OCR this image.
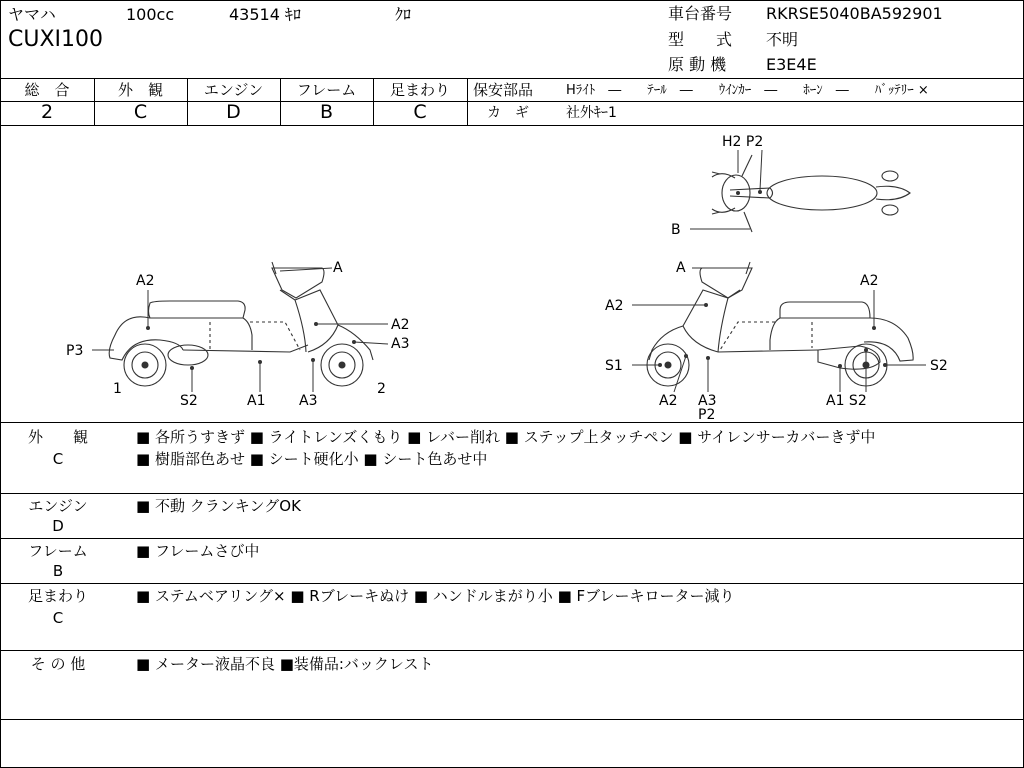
ヤマハ	100cc	43514 ｷﾛ	ｸﾛ
CUXI100
車台番号 RKRSE5040BA592901
型　　式 不明
原 動 機 E3E4E
総　合	外　観	エンジン	フレーム	足まわり
2	C	D	B	C
保安部品	Hﾗｲﾄ　―　　ﾃｰﾙ　―　　ｳｲﾝｶｰ　―　　ﾎｰﾝ　―　　ﾊﾞｯﾃﾘｰ ×
カ　ギ	社外ｷｰ1
A
A2
A2
A3
P3
1
S2	A1 A3
2
H2 P2
B
A
A2
A2
S1	S2
A2 A3
P2
A1 S2
外　　観
C
■ 各所うすきず ■ ライトレンズくもり ■ レバー削れ ■ ステップ上タッチペン ■ サイレンサーカバーきず中
■ 樹脂部色あせ ■ シート硬化小 ■ シート色あせ中
エンジン
D
■ 不動 クランキングOK
フレーム
B
■ フレームさび中
足まわり
C
■ ステムベアリング× ■ Rブレーキぬけ ■ ハンドルまがり小 ■ Fブレーキローター減り
そ の 他	■ メーター液晶不良 ■装備品:バックレスト
